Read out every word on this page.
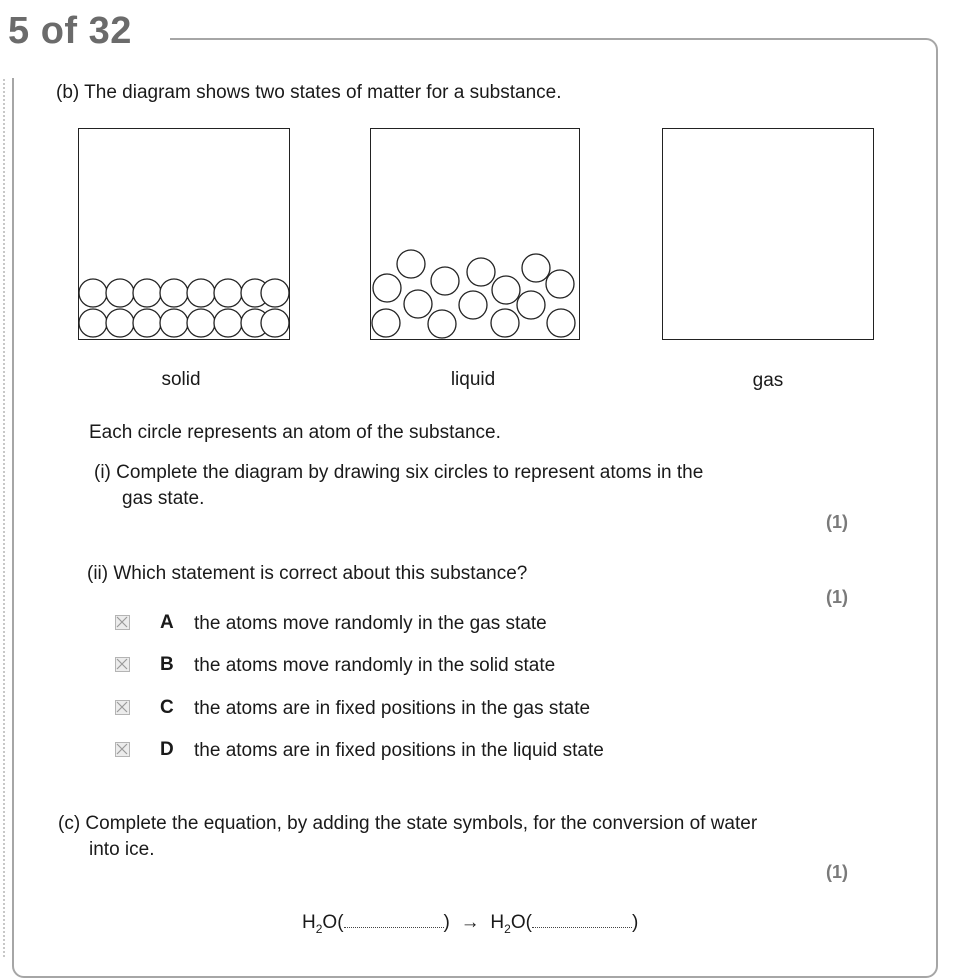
5 of 32
(b) The diagram shows two states of matter for a substance.
solid	liquid	gas
Each circle represents an atom of the substance.
(i) Complete the diagram by drawing six circles to represent atoms in the
gas state.
(1)
(ii) Which statement is correct about this substance?
(1)
A the atoms move randomly in the gas state
B the atoms move randomly in the solid state
C the atoms are in fixed positions in the gas state
D the atoms are in fixed positions in the liquid state
(c) Complete the equation, by adding the state symbols, for the conversion of water
into ice.
(1)
$H_2O$(	) → $H_2O$(	)
